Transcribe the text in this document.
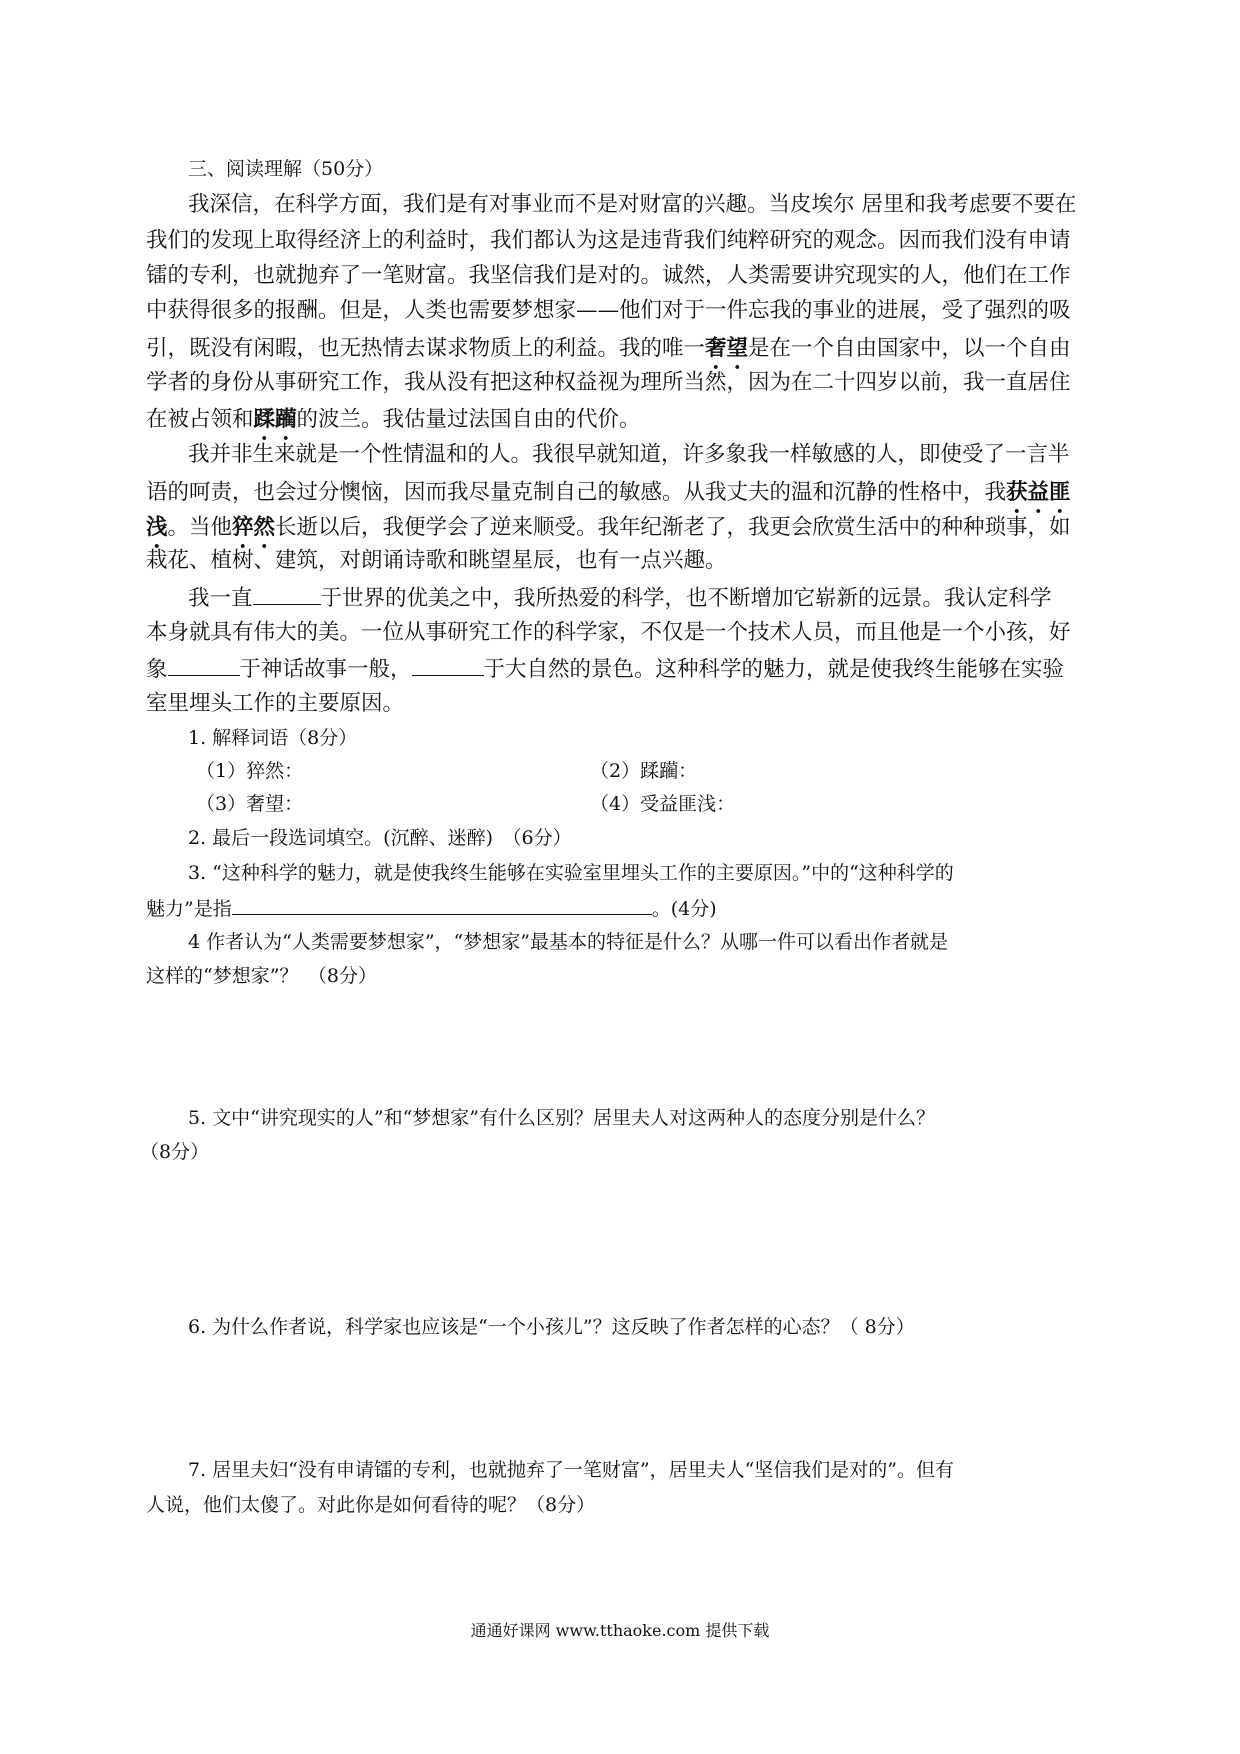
三、阅读理解（50分）
我深信，在科学方面，我们是有对事业而不是对财富的兴趣。当皮埃尔 居里和我考虑要不要在
我们的发现上取得经济上的利益时，我们都认为这是违背我们纯粹研究的观念。因而我们没有申请
镭的专利，也就抛弃了一笔财富。我坚信我们是对的。诚然，人类需要讲究现实的人，他们在工作
中获得很多的报酬。但是，人类也需要梦想家——他们对于一件忘我的事业的进展，受了强烈的吸
引，既没有闲暇，也无热情去谋求物质上的利益。我的唯一奢望是在一个自由国家中，以一个自由
学者的身份从事研究工作，我从没有把这种权益视为理所当然，因为在二十四岁以前，我一直居住
在被占领和蹂躏的波兰。我估量过法国自由的代价。
我并非生来就是一个性情温和的人。我很早就知道，许多象我一样敏感的人，即使受了一言半
语的呵责，也会过分懊恼，因而我尽量克制自己的敏感。从我丈夫的温和沉静的性格中，我获益匪
浅。当他猝然长逝以后，我便学会了逆来顺受。我年纪渐老了，我更会欣赏生活中的种种琐事，如
栽花、植树、建筑，对朗诵诗歌和眺望星辰，也有一点兴趣。
我一直	于世界的优美之中，我所热爱的科学，也不断增加它崭新的远景。我认定科学
本身就具有伟大的美。一位从事研究工作的科学家，不仅是一个技术人员，而且他是一个小孩，好
象	于神话故事一般，	于大自然的景色。这种科学的魅力，就是使我终生能够在实验
室里埋头工作的主要原因。
1. 解释词语（8分）
（1）猝然：	（2）蹂躏：
（3）奢望：	（4）受益匪浅：
2. 最后一段选词填空。(沉醉、迷醉)　（6分）
3. “这种科学的魅力，就是使我终生能够在实验室里埋头工作的主要原因。”中的“这种科学的
魅力”是指	。(4分)
4 作者认为“人类需要梦想家”，“梦想家”最基本的特征是什么？从哪一件可以看出作者就是
这样的“梦想家”？　（8分）
5. 文中“讲究现实的人”和“梦想家”有什么区别？居里夫人对这两种人的态度分别是什么？
（8分）
6. 为什么作者说，科学家也应该是“一个小孩儿”？这反映了作者怎样的心态？（ 8分）
7. 居里夫妇“没有申请镭的专利，也就抛弃了一笔财富”，居里夫人“坚信我们是对的”。但有
人说，他们太傻了。对此你是如何看待的呢？（8分）
通通好课网 www.tthaoke.com 提供下载
